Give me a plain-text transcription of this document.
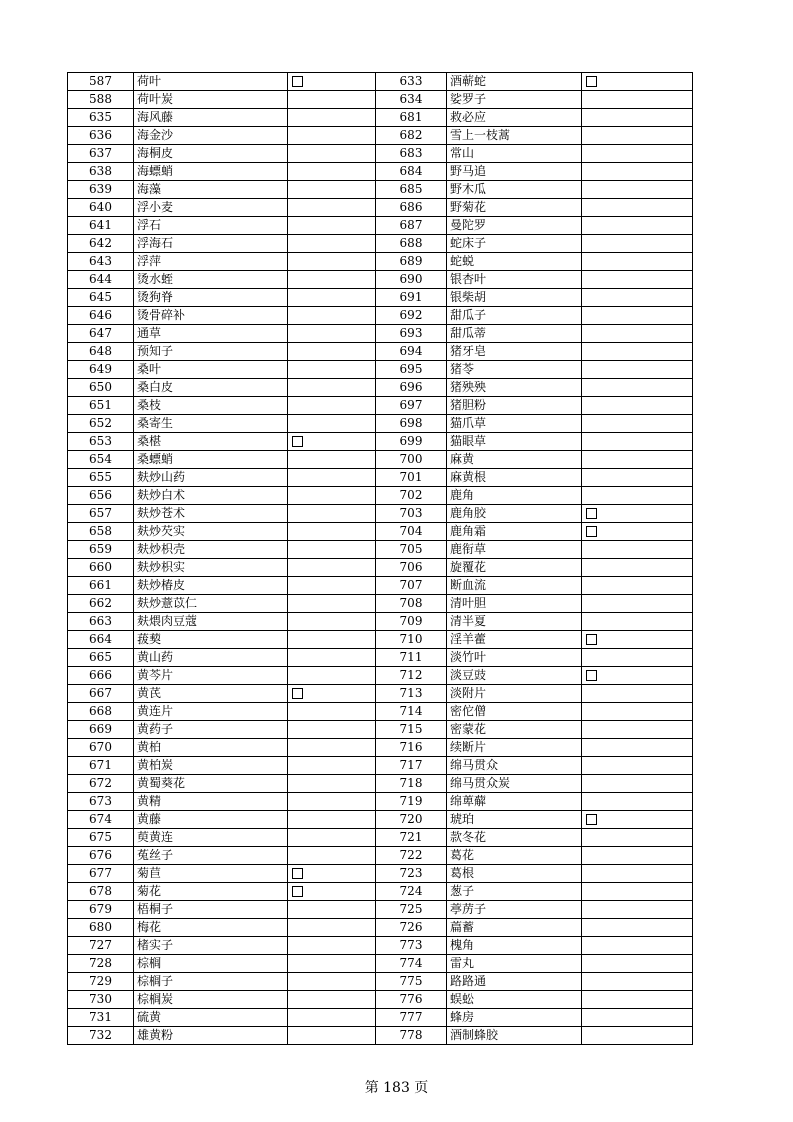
587	荷叶		633	酒蕲蛇	
588	荷叶炭		634	娑罗子	
635	海风藤		681	救必应	
636	海金沙		682	雪上一枝蒿	
637	海桐皮		683	常山	
638	海螵蛸		684	野马追	
639	海藻		685	野木瓜	
640	浮小麦		686	野菊花	
641	浮石		687	曼陀罗	
642	浮海石		688	蛇床子	
643	浮萍		689	蛇蜕	
644	烫水蛭		690	银杏叶	
645	烫狗脊		691	银柴胡	
646	烫骨碎补		692	甜瓜子	
647	通草		693	甜瓜蒂	
648	预知子		694	猪牙皂	
649	桑叶		695	猪苓	
650	桑白皮		696	猪殃殃	
651	桑枝		697	猪胆粉	
652	桑寄生		698	猫爪草	
653	桑椹		699	猫眼草	
654	桑螵蛸		700	麻黄	
655	麸炒山药		701	麻黄根	
656	麸炒白术		702	鹿角	
657	麸炒苍术		703	鹿角胶	
658	麸炒芡实		704	鹿角霜	
659	麸炒枳壳		705	鹿衔草	
660	麸炒枳实		706	旋覆花	
661	麸炒椿皮		707	断血流	
662	麸炒薏苡仁		708	清叶胆	
663	麸煨肉豆蔻		709	清半夏	
664	菝葜		710	淫羊藿	
665	黄山药		711	淡竹叶	
666	黄芩片		712	淡豆豉	
667	黄芪		713	淡附片	
668	黄连片		714	密佗僧	
669	黄药子		715	密蒙花	
670	黄柏		716	续断片	
671	黄柏炭		717	绵马贯众	
672	黄蜀葵花		718	绵马贯众炭	
673	黄精		719	绵萆薢	
674	黄藤		720	琥珀	
675	萸黄连		721	款冬花	
676	菟丝子		722	葛花	
677	菊苣		723	葛根	
678	菊花		724	葱子	
679	梧桐子		725	葶苈子	
680	梅花		726	萹蓄	
727	楮实子		773	槐角	
728	棕榈		774	雷丸	
729	棕榈子		775	路路通	
730	棕榈炭		776	蜈蚣	
731	硫黄		777	蜂房	
732	雄黄粉		778	酒制蜂胶	
第 183 页
